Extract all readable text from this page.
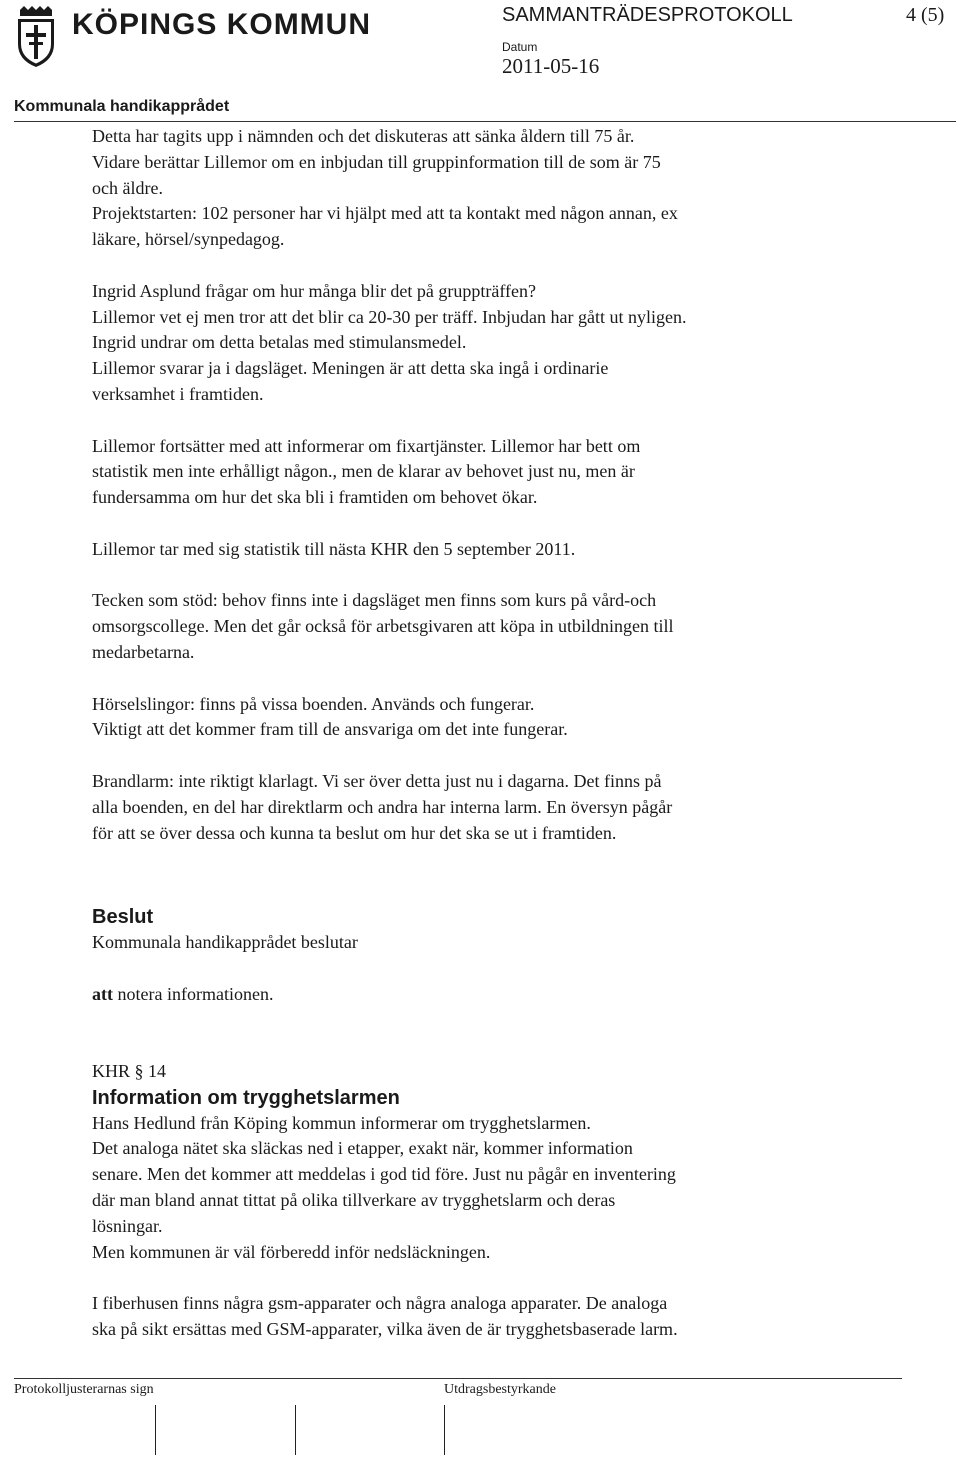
KÖPINGS KOMMUN	SAMMANTRÄDESPROTOKOLL	4 (5)
Datum
2011-05-16
Kommunala handikapprådet

Detta har tagits upp i nämnden och det diskuteras att sänka åldern till 75 år.

Vidare berättar Lillemor om en inbjudan till gruppinformation till de som är 75

och äldre.

Projektstarten: 102 personer har vi hjälpt med att ta kontakt med någon annan, ex

läkare, hörsel/synpedagog.

Ingrid Asplund frågar om hur många blir det på gruppträffen?

Lillemor vet ej men tror att det blir ca 20-30 per träff. Inbjudan har gått ut nyligen.

Ingrid undrar om detta betalas med stimulansmedel.

Lillemor svarar ja i dagsläget. Meningen är att detta ska ingå i ordinarie

verksamhet i framtiden.

Lillemor fortsätter med att informerar om fixartjänster. Lillemor har bett om

statistik men inte erhålligt någon., men de klarar av behovet just nu, men är

fundersamma om hur det ska bli i framtiden om behovet ökar.

Lillemor tar med sig statistik till nästa KHR den 5 september 2011.

Tecken som stöd: behov finns inte i dagsläget men finns som kurs på vård-och

omsorgscollege. Men det går också för arbetsgivaren att köpa in utbildningen till

medarbetarna.

Hörselslingor: finns på vissa boenden. Används och fungerar.

Viktigt att det kommer fram till de ansvariga om det inte fungerar.

Brandlarm: inte riktigt klarlagt. Vi ser över detta just nu i dagarna. Det finns på

alla boenden, en del har direktlarm och andra har interna larm. En översyn pågår

för att se över dessa och kunna ta beslut om hur det ska se ut i framtiden.

Beslut

Kommunala handikapprådet beslutar

att notera informationen.

KHR § 14

Information om trygghetslarmen

Hans Hedlund från Köping kommun informerar om trygghetslarmen.

Det analoga nätet ska släckas ned i etapper, exakt när, kommer information

senare. Men det kommer att meddelas i god tid före. Just nu pågår en inventering

där man bland annat tittat på olika tillverkare av trygghetslarm och deras

lösningar.

Men kommunen är väl förberedd inför nedsläckningen.

I fiberhusen finns några gsm-apparater och några analoga apparater. De analoga

ska på sikt ersättas med GSM-apparater, vilka även de är trygghetsbaserade larm.

Protokolljusterarnas sign	Utdragsbestyrkande
